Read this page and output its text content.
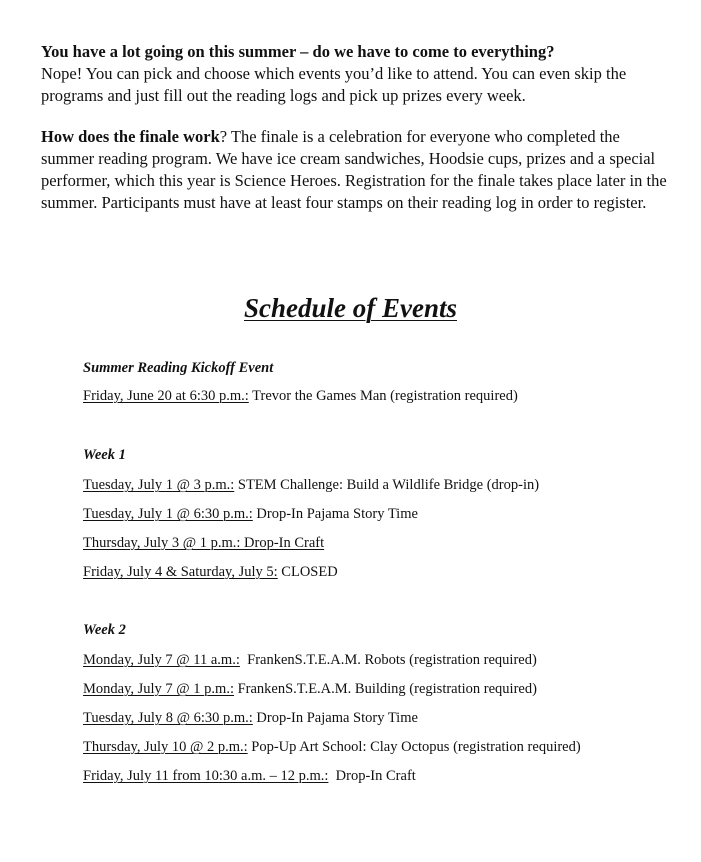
You have a lot going on this summer – do we have to come to everything?
Nope! You can pick and choose which events you’d like to attend. You can even skip the programs and just fill out the reading logs and pick up prizes every week.

How does the finale work? The finale is a celebration for everyone who completed the summer reading program. We have ice cream sandwiches, Hoodsie cups, prizes and a special performer, which this year is Science Heroes. Registration for the finale takes place later in the summer. Participants must have at least four stamps on their reading log in order to register.

Schedule of Events

Summer Reading Kickoff Event

Friday, June 20 at 6:30 p.m.: Trevor the Games Man (registration required)

Week 1

Tuesday, July 1 @ 3 p.m.: STEM Challenge: Build a Wildlife Bridge (drop-in)

Tuesday, July 1 @ 6:30 p.m.: Drop-In Pajama Story Time

Thursday, July 3 @ 1 p.m.: Drop-In Craft

Friday, July 4 & Saturday, July 5: CLOSED

Week 2

Monday, July 7 @ 11 a.m.:  FrankenS.T.E.A.M. Robots (registration required)

Monday, July 7 @ 1 p.m.: FrankenS.T.E.A.M. Building (registration required)

Tuesday, July 8 @ 6:30 p.m.: Drop-In Pajama Story Time

Thursday, July 10 @ 2 p.m.: Pop-Up Art School: Clay Octopus (registration required)

Friday, July 11 from 10:30 a.m. – 12 p.m.:  Drop-In Craft
